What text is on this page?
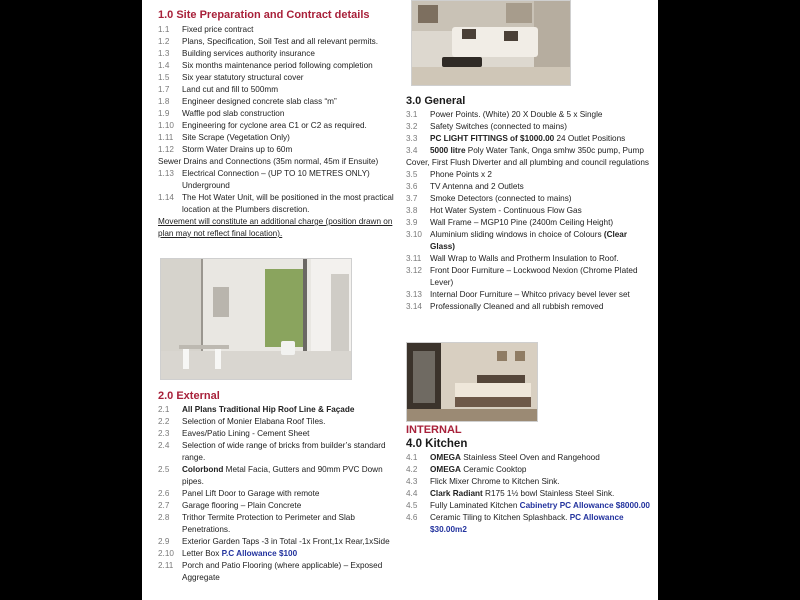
1.0 Site Preparation and Contract details
1.1	Fixed price contract
1.2	Plans, Specification, Soil Test and all relevant permits.
1.3	Building services authority insurance
1.4	Six months maintenance period following completion
1.5	Six year statutory structural cover
1.7	Land cut and fill to 500mm
1.8	Engineer designed concrete slab class “m”
1.9	Waffle pod slab construction
1.10 Engineering for cyclone area C1 or C2 as required.
1.11	Site Scrape (Vegetation Only)
1.12 Storm Water Drains up to 60m
Sewer Drains and Connections (35m normal, 45m if Ensuite)
1.13 Electrical Connection – (UP TO 10 METRES ONLY) Underground
1.14 The Hot Water Unit, will be positioned in the most practical location at the Plumbers discretion.
Movement will constitute an additional charge (position drawn on plan may not reflect final location).
2.0 External
2.1	All Plans Traditional Hip Roof Line & Façade
2.2	Selection of Monier Elabana Roof Tiles.
2.3	Eaves/Patio Lining - Cement Sheet
2.4	Selection of wide range of bricks from builder’s standard range.
2.5	Colorbond Metal Facia, Gutters and 90mm PVC Down pipes.
2.6	Panel Lift Door to Garage with remote
2.7	Garage flooring – Plain Concrete
2.8	Trithor Termite Protection to Perimeter and Slab Penetrations.
2.9	Exterior Garden Taps -3 in Total -1x Front,1x Rear,1xSide
2.10 Letter Box P.C Allowance $100
2.11	Porch and Patio Flooring (where applicable) – Exposed Aggregate
3.0 General
3.1	Power Points. (White) 20 X Double & 5 x Single
3.2	Safety Switches (connected to mains)
3.3	PC LIGHT FITTINGS of $1000.00 24 Outlet Positions
3.4 5000 litre Poly Water Tank, Onga smhw 350c pump, Pump Cover, First Flush Diverter and all plumbing and council regulations
3.5	Phone Points x 2
3.6	TV Antenna and 2 Outlets
3.7	Smoke Detectors (connected to mains)
3.8	Hot Water System - Continuous Flow Gas
3.9	Wall Frame – MGP10 Pine (2400m Ceiling Height)
3.10 Aluminium sliding windows in choice of Colours (Clear Glass)
3.11	Wall Wrap to Walls and Protherm Insulation to Roof.
3.12 Front Door Furniture – Lockwood Nexion (Chrome Plated Lever)
3.13 Internal Door Furniture – Whitco privacy bevel lever set
3.14 Professionally Cleaned and all rubbish removed
INTERNAL
4.0 Kitchen
4.1	OMEGA Stainless Steel Oven and Rangehood
4.2	OMEGA Ceramic Cooktop
4.3	Flick Mixer Chrome to Kitchen Sink.
4.4	Clark Radiant R175 1½ bowl Stainless Steel Sink.
4.5	Fully Laminated Kitchen Cabinetry PC Allowance $8000.00
4.6	Ceramic Tiling to Kitchen Splashback. PC Allowance $30.00m2
